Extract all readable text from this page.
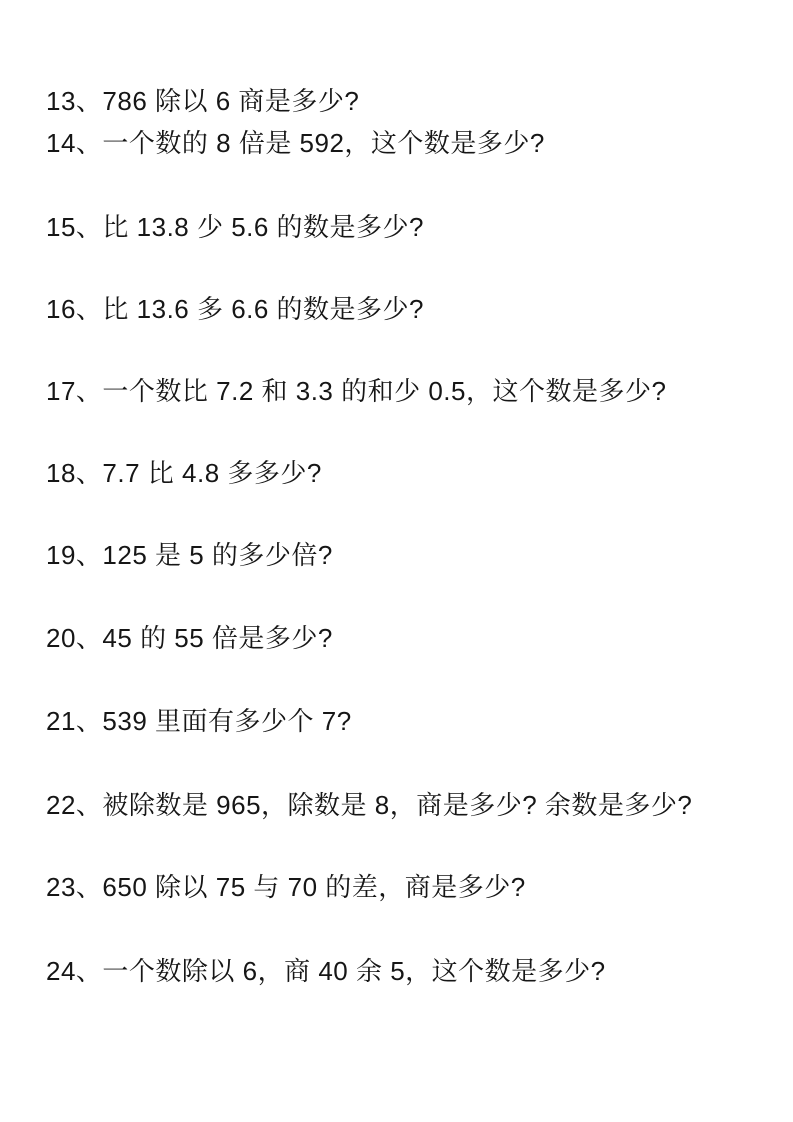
13、786 除以 6 商是多少?
14、一个数的 8 倍是 592，这个数是多少?
15、比 13.8 少 5.6 的数是多少?
16、比 13.6 多 6.6 的数是多少?
17、一个数比 7.2 和 3.3 的和少 0.5，这个数是多少?
18、7.7 比 4.8 多多少?
19、125 是 5 的多少倍?
20、45 的 55 倍是多少?
21、539 里面有多少个 7?
22、被除数是 965，除数是 8，商是多少? 余数是多少?
23、650 除以 75 与 70 的差，商是多少?
24、一个数除以 6，商 40 余 5，这个数是多少?
